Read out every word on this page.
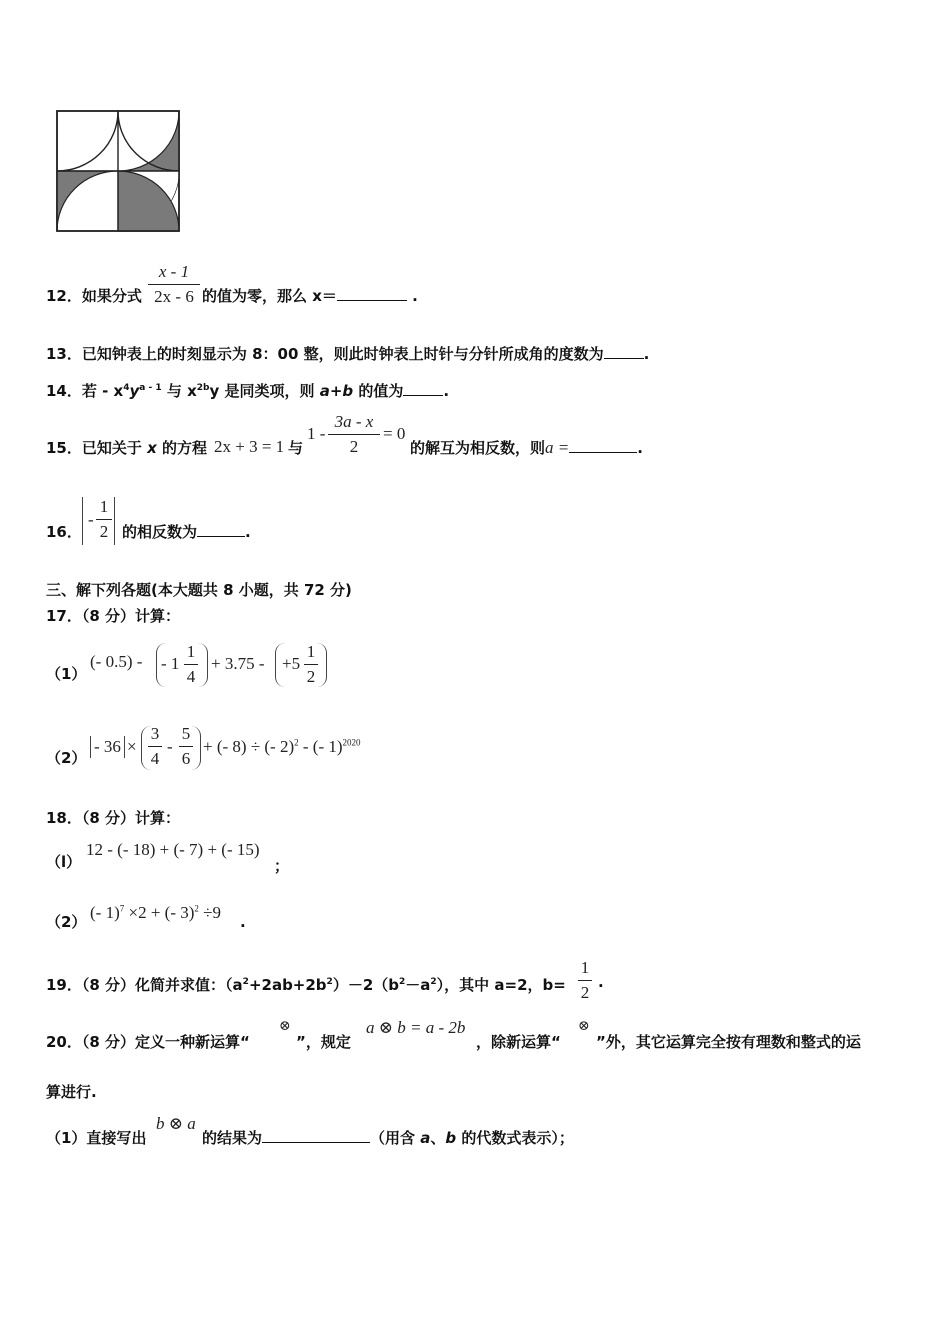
12．如果分式
x - 1
2x - 6 的值为零，那么 x＝	.
13．已知钟表上的时刻显示为 8：00 整，则此时钟表上时针与分针所成角的度数为	.
14．若 - $x^4y^{a - 1}$ 与 $x^{2b}y$ 是同类项，则 a+b 的值为	.
15．已知关于 x 的方程 2x + 3 = 1 与
1 -
3a - x
2
= 0
的解互为相反数，则a =	.
16．
-
1
2 的相反数为	.
三、解下列各题(本大题共 8 小题，共 72 分)
17．（8 分）计算：
（1）
(- 0.5) - - 1
1
4
+ 3.75 - +5
1
2
（2）
- 36 ×
3
4
-
5
6
+ (- 8) ÷ (- 2)$^2$ - (- 1)$^{2020}$
18．（8 分）计算：
（l）
12 - (- 18) + (- 7) + (- 15)
；
（2） (- 1)$^7$ ×2 + (- 3)$^2$ ÷9 .
19．（8 分）化简并求值：$(a^2+2ab+2b^2)-2(b^2-a^2)$，其中 a=2，b=
1
2
.
20．（8 分）定义一种新运算“
⊗
”，规定
a ⊗ b = a - 2b
，除新运算“
⊗
”外，其它运算完全按有理数和整式的运
算进行.
（1）直接写出
b ⊗ a
的结果为	（用含 a、b 的代数式表示）；
